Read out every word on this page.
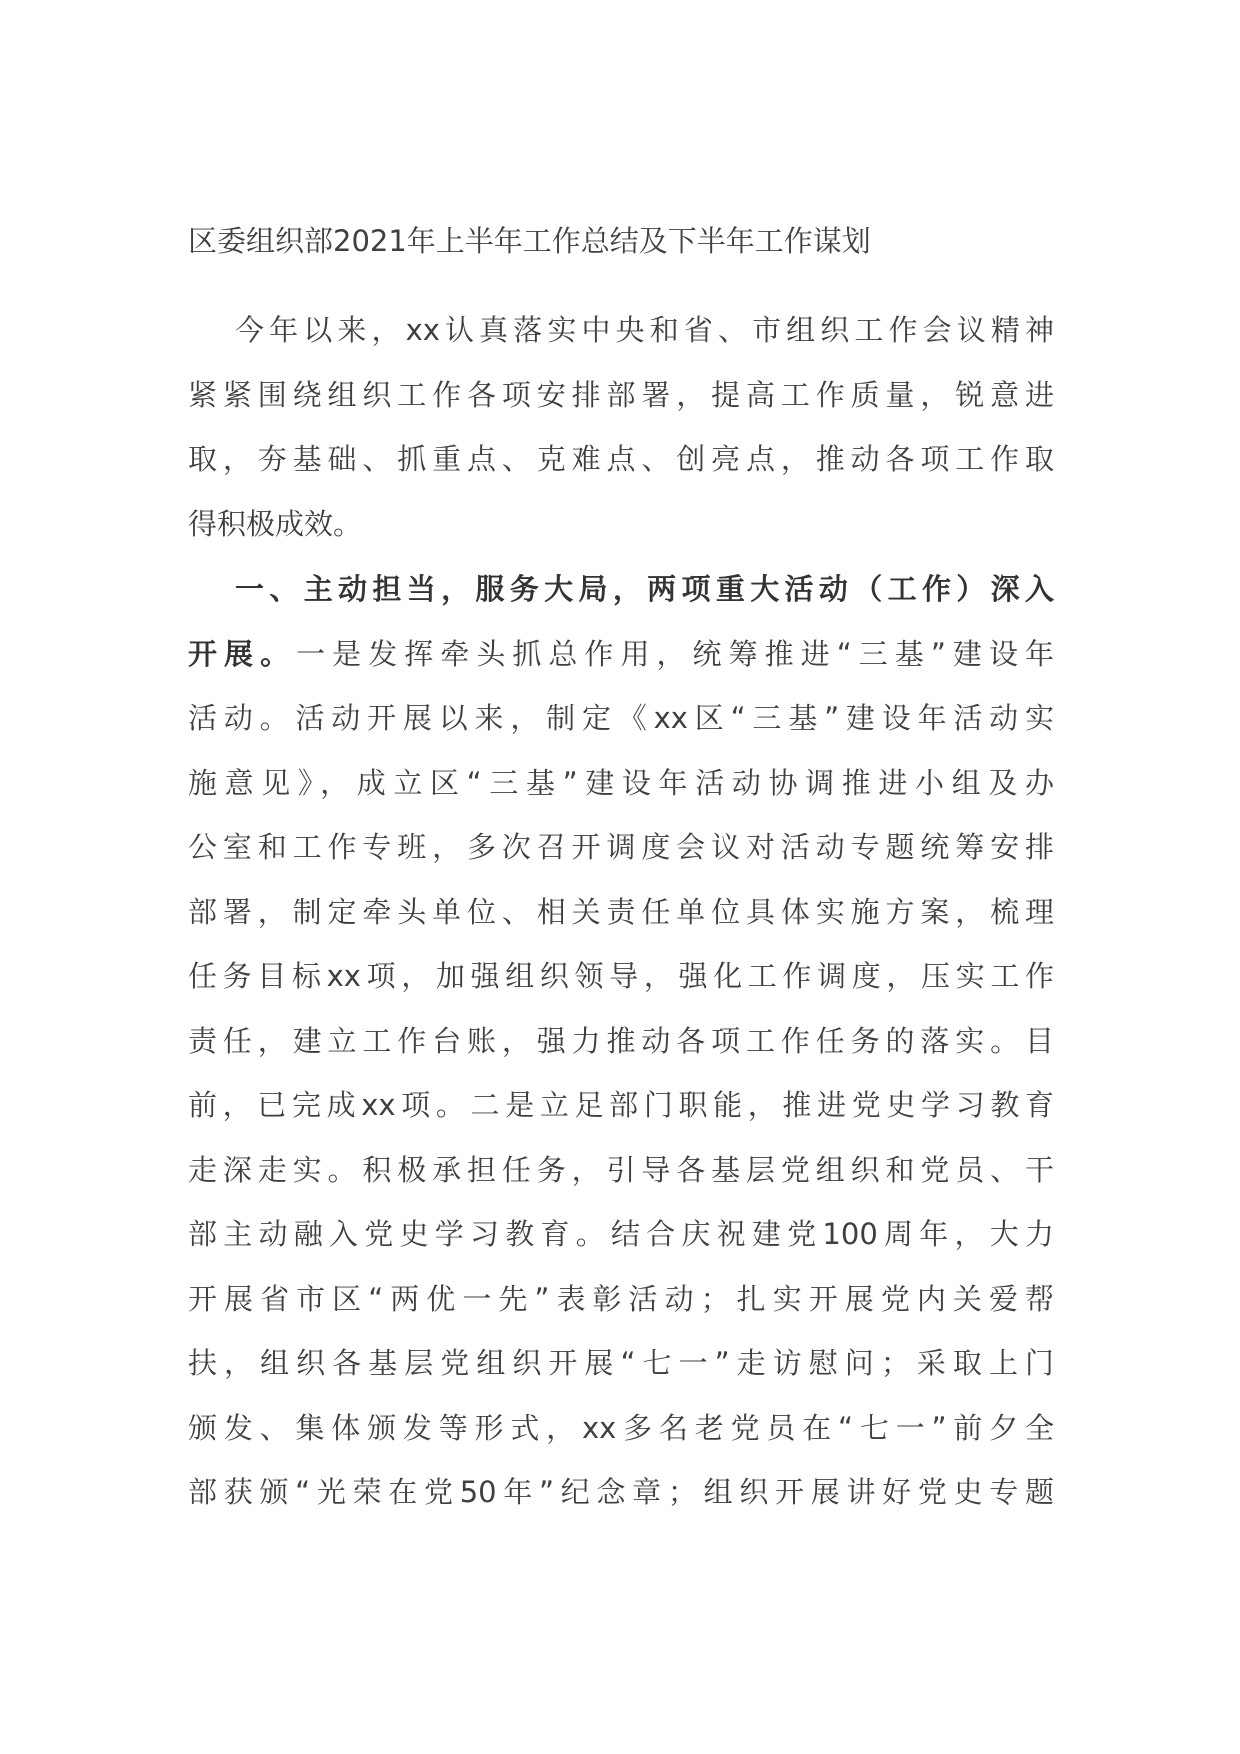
区委组织部2021年上半年工作总结及下半年工作谋划
今年以来，xx认真落实中央和省、市组织工作会议精神
紧紧围绕组织工作各项安排部署，提高工作质量，锐意进
取，夯基础、抓重点、克难点、创亮点，推动各项工作取
得积极成效。
一、主动担当，服务大局，两项重大活动（工作）深入
开展。一是发挥牵头抓总作用，统筹推进“三基”建设年
活动。活动开展以来，制定《xx区“三基”建设年活动实
施意见》，成立区“三基”建设年活动协调推进小组及办
公室和工作专班，多次召开调度会议对活动专题统筹安排
部署，制定牵头单位、相关责任单位具体实施方案，梳理
任务目标xx项，加强组织领导，强化工作调度，压实工作
责任，建立工作台账，强力推动各项工作任务的落实。目
前，已完成xx项。二是立足部门职能，推进党史学习教育
走深走实。积极承担任务，引导各基层党组织和党员、干
部主动融入党史学习教育。结合庆祝建党100周年，大力
开展省市区“两优一先”表彰活动；扎实开展党内关爱帮
扶，组织各基层党组织开展“七一”走访慰问；采取上门
颁发、集体颁发等形式，xx多名老党员在“七一”前夕全
部获颁“光荣在党50年”纪念章；组织开展讲好党史专题
